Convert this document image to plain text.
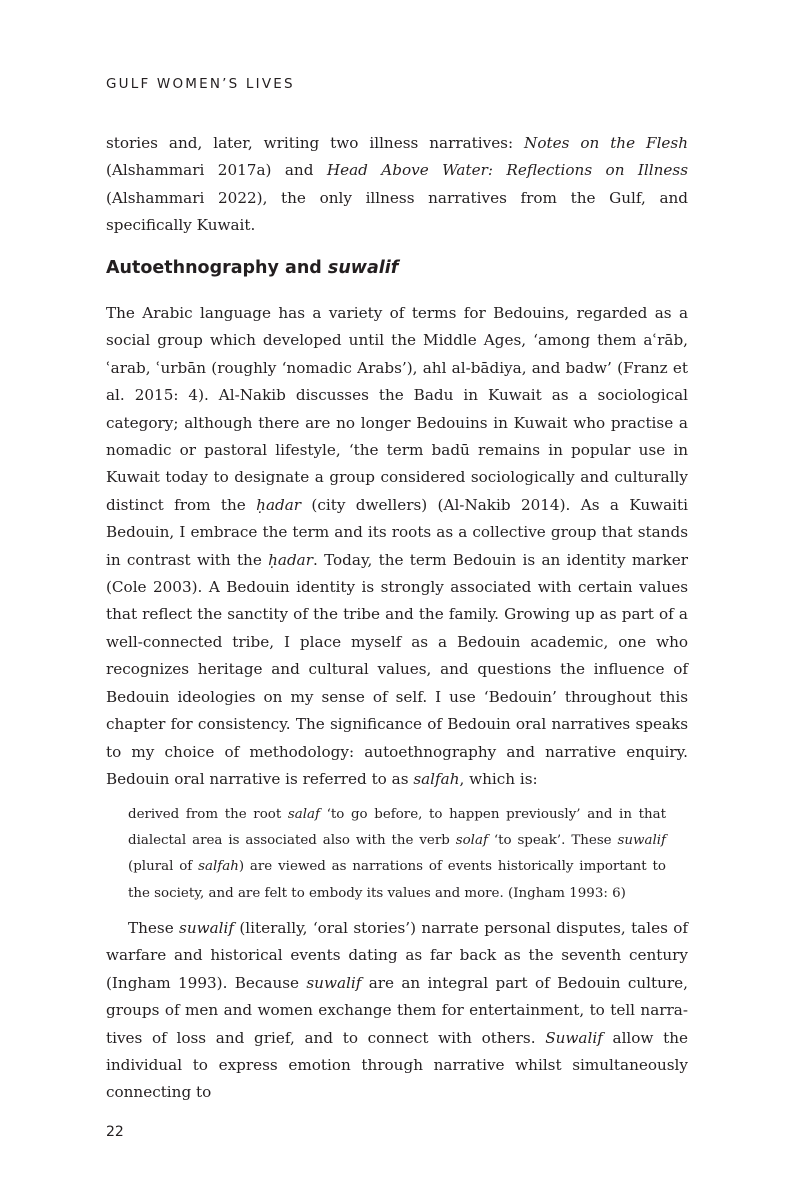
GULF WOMEN’S LIVES

stories and, later, writing two illness narratives: Notes on the Flesh (Alshammari 2017a) and Head Above Water: Reflections on Illness (Alshammari 2022), the only illness narratives from the Gulf, and specifically Kuwait.

Autoethnography and suwalif

The Arabic language has a variety of terms for Bedouins, regarded as a social group which developed until the Middle Ages, ‘among them aʿrāb, ʿarab, ʿurbān (roughly ‘nomadic Arabs’), ahl al-bādiya, and badw’ (Franz et al. 2015: 4). Al-Nakib discusses the Badu in Kuwait as a sociological category; although there are no longer Bedouins in Kuwait who practise a nomadic or pastoral lifestyle, ‘the term badū remains in popular use in Kuwait today to designate a group considered sociologically and culturally distinct from the ḥadar (city dwellers) (Al-Nakib 2014). As a Kuwaiti Bedouin, I embrace the term and its roots as a collective group that stands in contrast with the ḥadar. Today, the term Bedouin is an identity marker (Cole 2003). A Bedouin identity is strongly associated with certain values that reflect the sanctity of the tribe and the family. Growing up as part of a well-connected tribe, I place myself as a Bedouin academic, one who recognizes heritage and cultural values, and questions the influence of Bedouin ideologies on my sense of self. I use ‘Bedouin’ throughout this chapter for consistency. The significance of Bedouin oral narratives speaks to my choice of methodology: autoethnography and narrative enquiry. Bedouin oral narrative is referred to as salfah, which is:

derived from the root salaf ‘to go before, to happen previously’ and in that dialectal area is associated also with the verb solaf ‘to speak’. These suwalif (plural of salfah) are viewed as narrations of events historically important to the society, and are felt to embody its values and more. (Ingham 1993: 6)

These suwalif (literally, ‘oral stories’) narrate personal disputes, tales of warfare and historical events dating as far back as the seventh century (Ingham 1993). Because suwalif are an integral part of Bedouin culture, groups of men and women exchange them for entertainment, to tell narratives of loss and grief, and to connect with others. Suwalif allow the individual to express emotion through narrative whilst simultaneously connecting to

22
